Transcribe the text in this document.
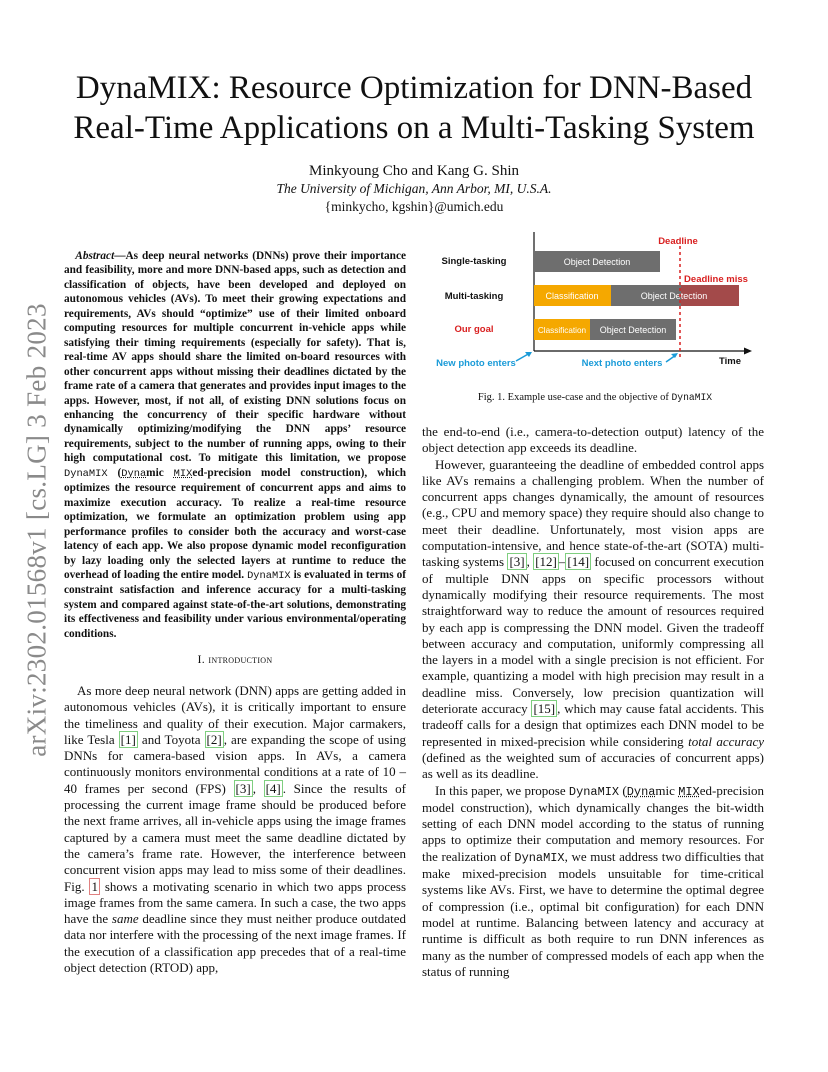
arXiv:2302.01568v1 [cs.LG] 3 Feb 2023
DynaMIX: Resource Optimization for DNN-Based
Real-Time Applications on a Multi-Tasking System
Minkyoung Cho and Kang G. Shin
The University of Michigan, Ann Arbor, MI, U.S.A.
{minkycho, kgshin}@umich.edu

Abstract—As deep neural networks (DNNs) prove their importance and feasibility, more and more DNN-based apps, such as detection and classification of objects, have been developed and deployed on autonomous vehicles (AVs). To meet their growing expectations and requirements, AVs should “optimize” use of their limited onboard computing resources for multiple concurrent in-vehicle apps while satisfying their timing requirements (especially for safety). That is, real-time AV apps should share the limited on-board resources with other concurrent apps without missing their deadlines dictated by the frame rate of a camera that generates and provides input images to the apps. However, most, if not all, of existing DNN solutions focus on enhancing the concurrency of their specific hardware without dynamically optimizing/modifying the DNN apps’ resource requirements, subject to the number of running apps, owing to their high computational cost. To mitigate this limitation, we propose DynaMIX (Dynamic MIXed-precision model construction), which optimizes the resource requirement of concurrent apps and aims to maximize execution accuracy. To realize a real-time resource optimization, we formulate an optimization problem using app performance profiles to consider both the accuracy and worst-case latency of each app. We also propose dynamic model reconfiguration by lazy loading only the selected layers at runtime to reduce the overhead of loading the entire model. DynaMIX is evaluated in terms of constraint satisfaction and inference accuracy for a multi-tasking system and compared against state-of-the-art solutions, demonstrating its effectiveness and feasibility under various environmental/operating conditions.

I. introduction

As more deep neural network (DNN) apps are getting added in autonomous vehicles (AVs), it is critically important to ensure the timeliness and quality of their execution. Major carmakers, like Tesla [1] and Toyota [2] , are expanding the scope of using DNNs for camera-based vision apps. In AVs, a camera continuously monitors environmental conditions at a rate of 10 – 40 frames per second (FPS) [3] , [4] . Since the results of processing the current image frame should be produced before the next frame arrives, all in-vehicle apps using the image frames captured by a camera must meet the same deadline dictated by the camera’s frame rate. However, the interference between concurrent vision apps may lead to miss some of their deadlines. Fig. 1 shows a motivating scenario in which two apps process image frames from the same camera. In such a case, the two apps have the same deadline since they must neither produce outdated data nor interfere with the processing of the next image frames. If the execution of a classification app precedes that of a real-time object detection (RTOD) app,

Single-tasking
Multi-tasking
Our goal
Time
Object Detection
Classification	Object Detection
Classification Object Detection
Deadline
Deadline miss
New photo enters	Next photo enters
Fig. 1. Example use-case and the objective of DynaMIX

the end-to-end (i.e., camera-to-detection output) latency of the object detection app exceeds its deadline.

However, guaranteeing the deadline of embedded control apps like AVs remains a challenging problem. When the number of concurrent apps changes dynamically, the amount of resources (e.g., CPU and memory space) they require should also change to meet their deadline. Unfortunately, most vision apps are computation-intensive, and hence state-of-the-art (SOTA) multi-tasking systems [3] , [12] – [14] focused on concurrent execution of multiple DNN apps on specific processors without dynamically modifying their resource requirements. The most straightforward way to reduce the amount of resources required by each app is compressing the DNN model. Given the tradeoff between accuracy and computation, uniformly compressing all the layers in a model with a single precision is not efficient. For example, quantizing a model with high precision may result in a deadline miss. Conversely, low precision quantization will deteriorate accuracy [15] , which may cause fatal accidents. This tradeoff calls for a design that optimizes each DNN model to be represented in mixed-precision while considering total accuracy (defined as the weighted sum of accuracies of concurrent apps) as well as its deadline.

In this paper, we propose DynaMIX (Dynamic MIXed-precision model construction), which dynamically changes the bit-width setting of each DNN model according to the status of running apps to optimize their computation and memory resources. For the realization of DynaMIX, we must address two difficulties that make mixed-precision models unsuitable for time-critical systems like AVs. First, we have to determine the optimal degree of compression (i.e., optimal bit configuration) for each DNN model at runtime. Balancing between latency and accuracy at runtime is difficult as both require to run DNN inferences as many as the number of compressed models of each app when the status of running
